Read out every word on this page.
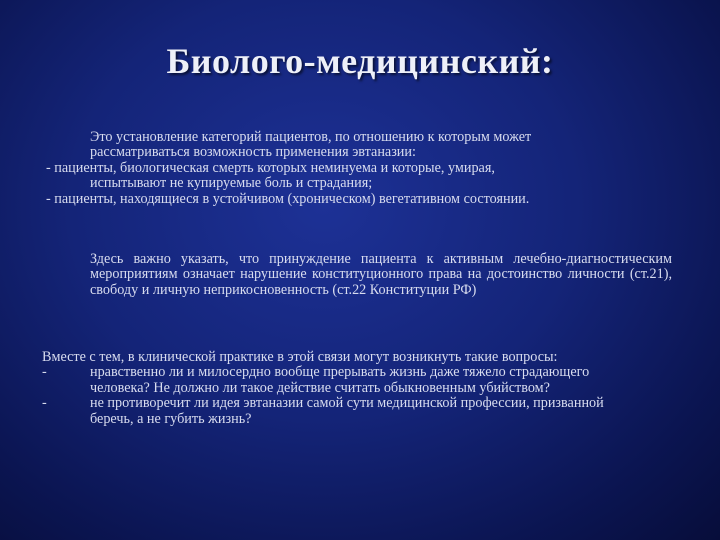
Биолого-медицинский:
Это установление категорий пациентов, по отношению к которым может
рассматриваться возможность применения эвтаназии:
- пациенты, биологическая смерть которых неминуема и которые, умирая,
испытывают не купируемые боль и страдания;
- пациенты, находящиеся в устойчивом (хроническом) вегетативном состоянии.
Здесь важно указать, что принуждение пациента к активным лечебно-диагностическим мероприятиям означает нарушение конституционного права на достоинство личности (ст.21), свободу и личную неприкосновенность (ст.22 Конституции РФ)
Вместе с тем, в клинической практике в этой связи могут возникнуть такие вопросы:
-	нравственно ли и милосердно вообще прерывать жизнь даже тяжело страдающего человека? Не должно ли такое действие считать обыкновенным убийством?
-	не противоречит ли идея эвтаназии самой сути медицинской профессии, призванной беречь, а не губить жизнь?
